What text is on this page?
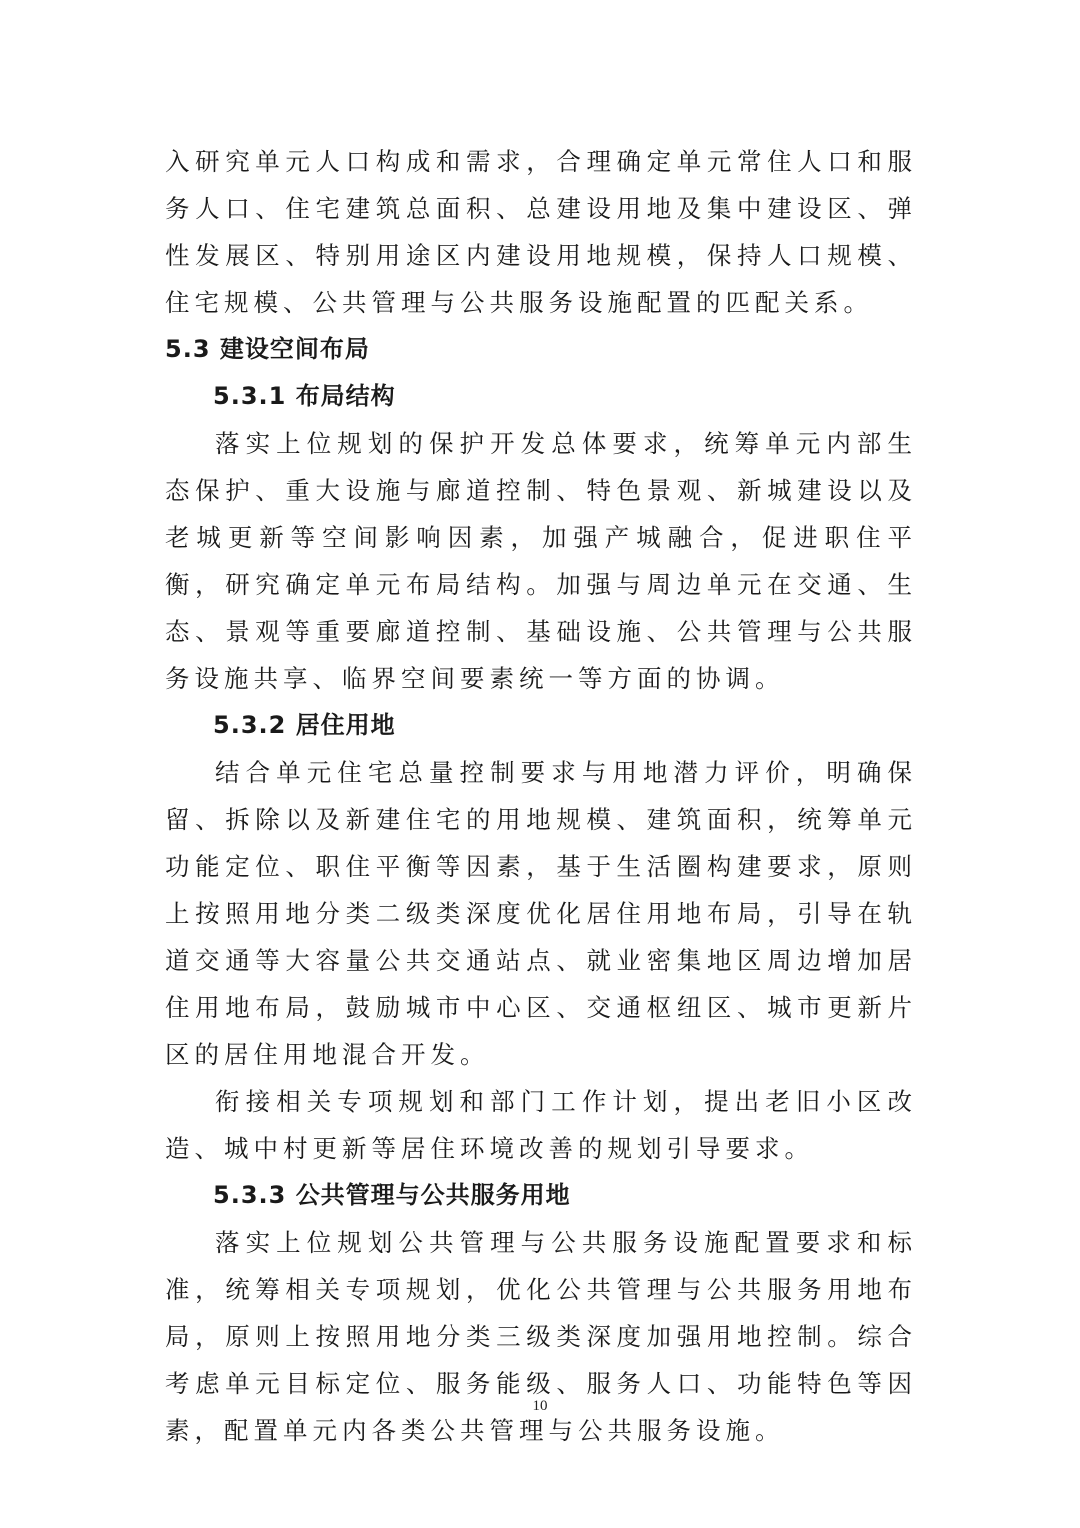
入研究单元人口构成和需求，合理确定单元常住人口和服务人口、住宅建筑总面积、总建设用地及集中建设区、弹性发展区、特别用途区内建设用地规模，保持人口规模、住宅规模、公共管理与公共服务设施配置的匹配关系。

5.3 建设空间布局
5.3.1 布局结构

落实上位规划的保护开发总体要求，统筹单元内部生态保护、重大设施与廊道控制、特色景观、新城建设以及老城更新等空间影响因素，加强产城融合，促进职住平衡，研究确定单元布局结构。加强与周边单元在交通、生态、景观等重要廊道控制、基础设施、公共管理与公共服务设施共享、临界空间要素统一等方面的协调。

5.3.2 居住用地

结合单元住宅总量控制要求与用地潜力评价，明确保留、拆除以及新建住宅的用地规模、建筑面积，统筹单元功能定位、职住平衡等因素，基于生活圈构建要求，原则上按照用地分类二级类深度优化居住用地布局，引导在轨道交通等大容量公共交通站点、就业密集地区周边增加居住用地布局，鼓励城市中心区、交通枢纽区、城市更新片区的居住用地混合开发。

衔接相关专项规划和部门工作计划，提出老旧小区改造、城中村更新等居住环境改善的规划引导要求。

5.3.3 公共管理与公共服务用地

落实上位规划公共管理与公共服务设施配置要求和标准，统筹相关专项规划，优化公共管理与公共服务用地布局，原则上按照用地分类三级类深度加强用地控制。综合考虑单元目标定位、服务能级、服务人口、功能特色等因素，配置单元内各类公共管理与公共服务设施。

10
